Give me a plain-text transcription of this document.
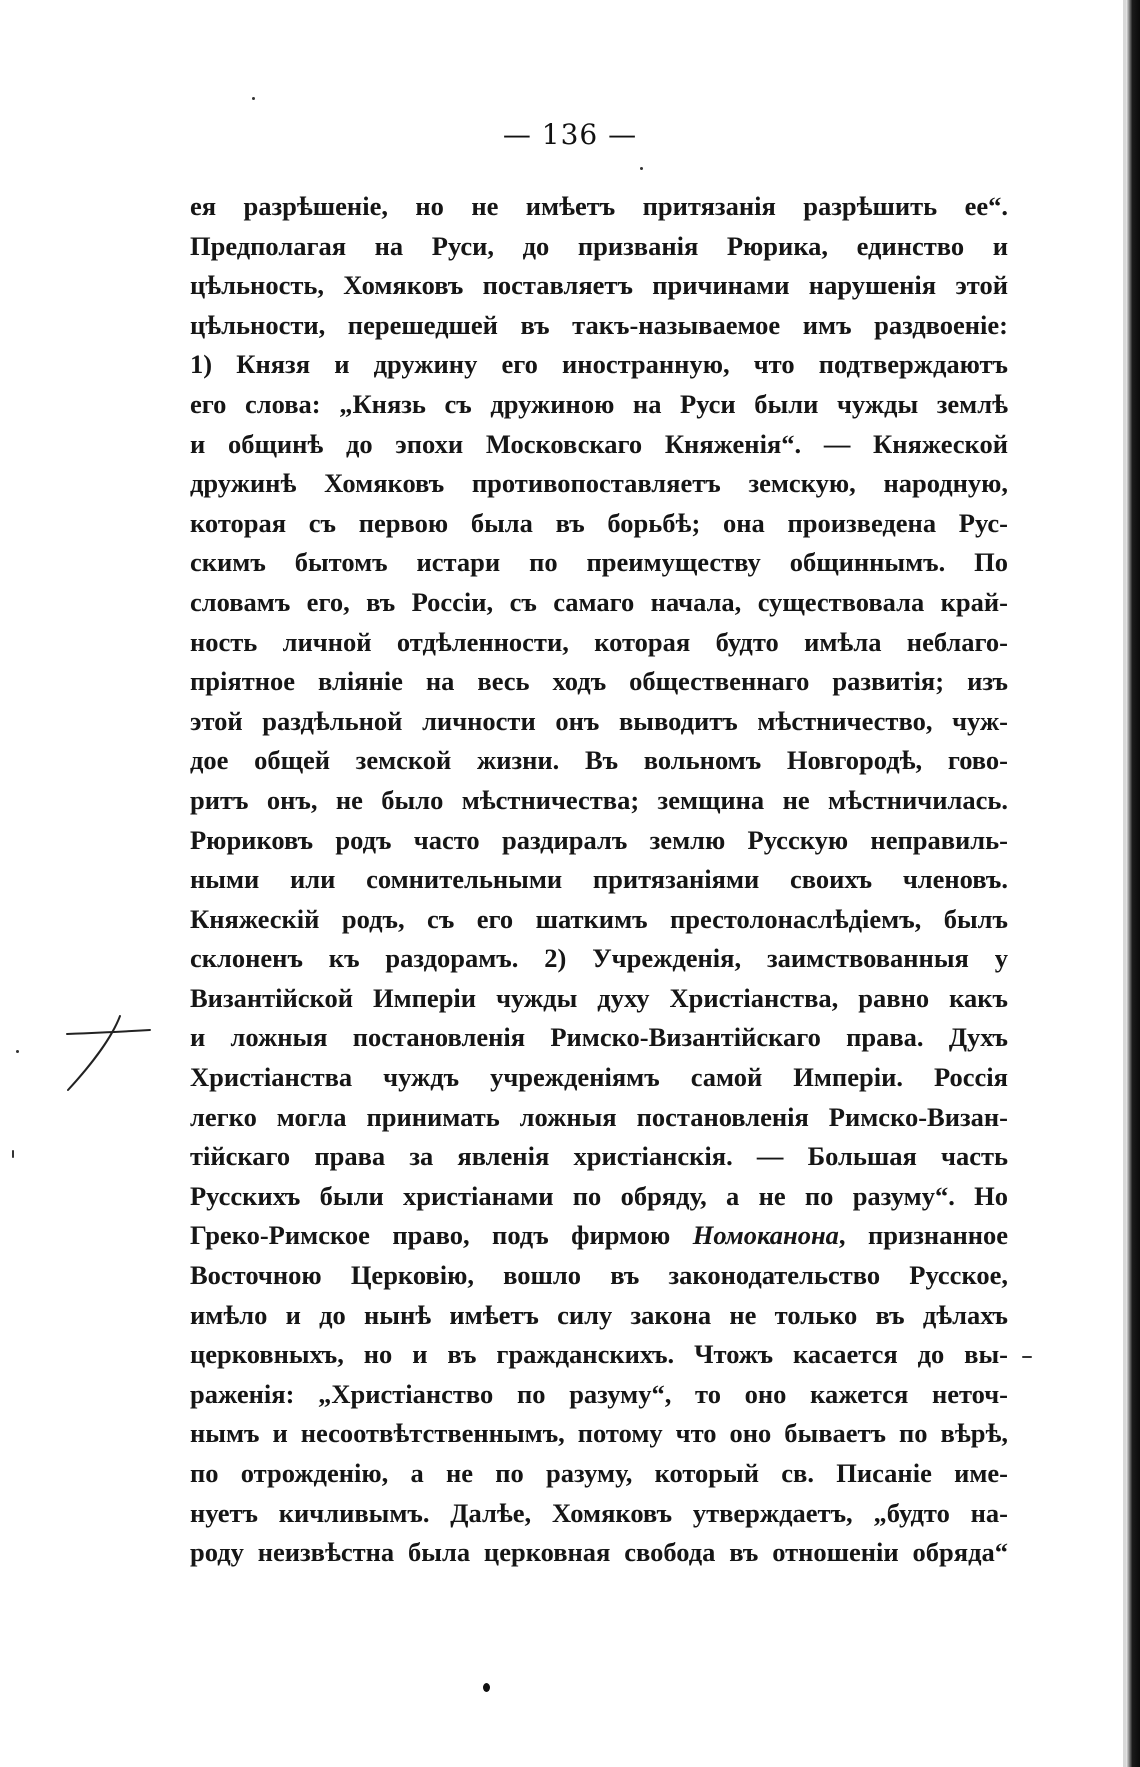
— 136 —
ея разрѣшеніе, но не имѣетъ притязанія разрѣшить ее“.
Предполагая на Руси, до призванія Рюрика, единство и
цѣльность, Хомяковъ поставляетъ причинами нарушенія этой
цѣльности, перешедшей въ такъ-называемое имъ раздвоеніе:
1) Князя и дружину его иностранную, что подтверждаютъ
его слова: „Князь съ дружиною на Руси были чужды землѣ
и общинѣ до эпохи Московскаго Княженія“. — Княжеской
дружинѣ Хомяковъ противопоставляетъ земскую, народную,
которая съ первою была въ борьбѣ; она произведена Рус-
скимъ бытомъ истари по преимуществу общиннымъ. По
словамъ его, въ Россіи, съ самаго начала, существовала край-
ность личной отдѣленности, которая будто имѣла неблаго-
пріятное вліяніе на весь ходъ общественнаго развитія; изъ
этой раздѣльной личности онъ выводитъ мѣстничество, чуж-
дое общей земской жизни. Въ вольномъ Новгородѣ, гово-
ритъ онъ, не было мѣстничества; земщина не мѣстничилась.
Рюриковъ родъ часто раздиралъ землю Русскую неправиль-
ными или сомнительными притязаніями своихъ членовъ.
Княжескій родъ, съ его шаткимъ престолонаслѣдіемъ, былъ
склоненъ къ раздорамъ. 2) Учрежденія, заимствованныя у
Византійской Имперіи чужды духу Христіанства, равно какъ
и ложныя постановленія Римско-Византійскаго права. Духъ
Христіанства чуждъ учрежденіямъ самой Имперіи. Россія
легко могла принимать ложныя постановленія Римско-Визан-
тійскаго права за явленія христіанскія. — Большая часть
Русскихъ были христіанами по обряду, а не по разуму“. Но
Греко-Римское право, подъ фирмою Номоканона, признанное
Восточною Церковію, вошло въ законодательство Русское,
имѣло и до нынѣ имѣетъ силу закона не только въ дѣлахъ
церковныхъ, но и въ гражданскихъ. Чтожъ касается до вы-
раженія: „Христіанство по разуму“, то оно кажется неточ-
нымъ и несоотвѣтственнымъ, потому что оно бываетъ по вѣрѣ,
по отрожденію, а не по разуму, который св. Писаніе име-
нуетъ кичливымъ. Далѣе, Хомяковъ утверждаетъ, „будто на-
роду неизвѣстна была церковная свобода въ отношеніи обряда“
